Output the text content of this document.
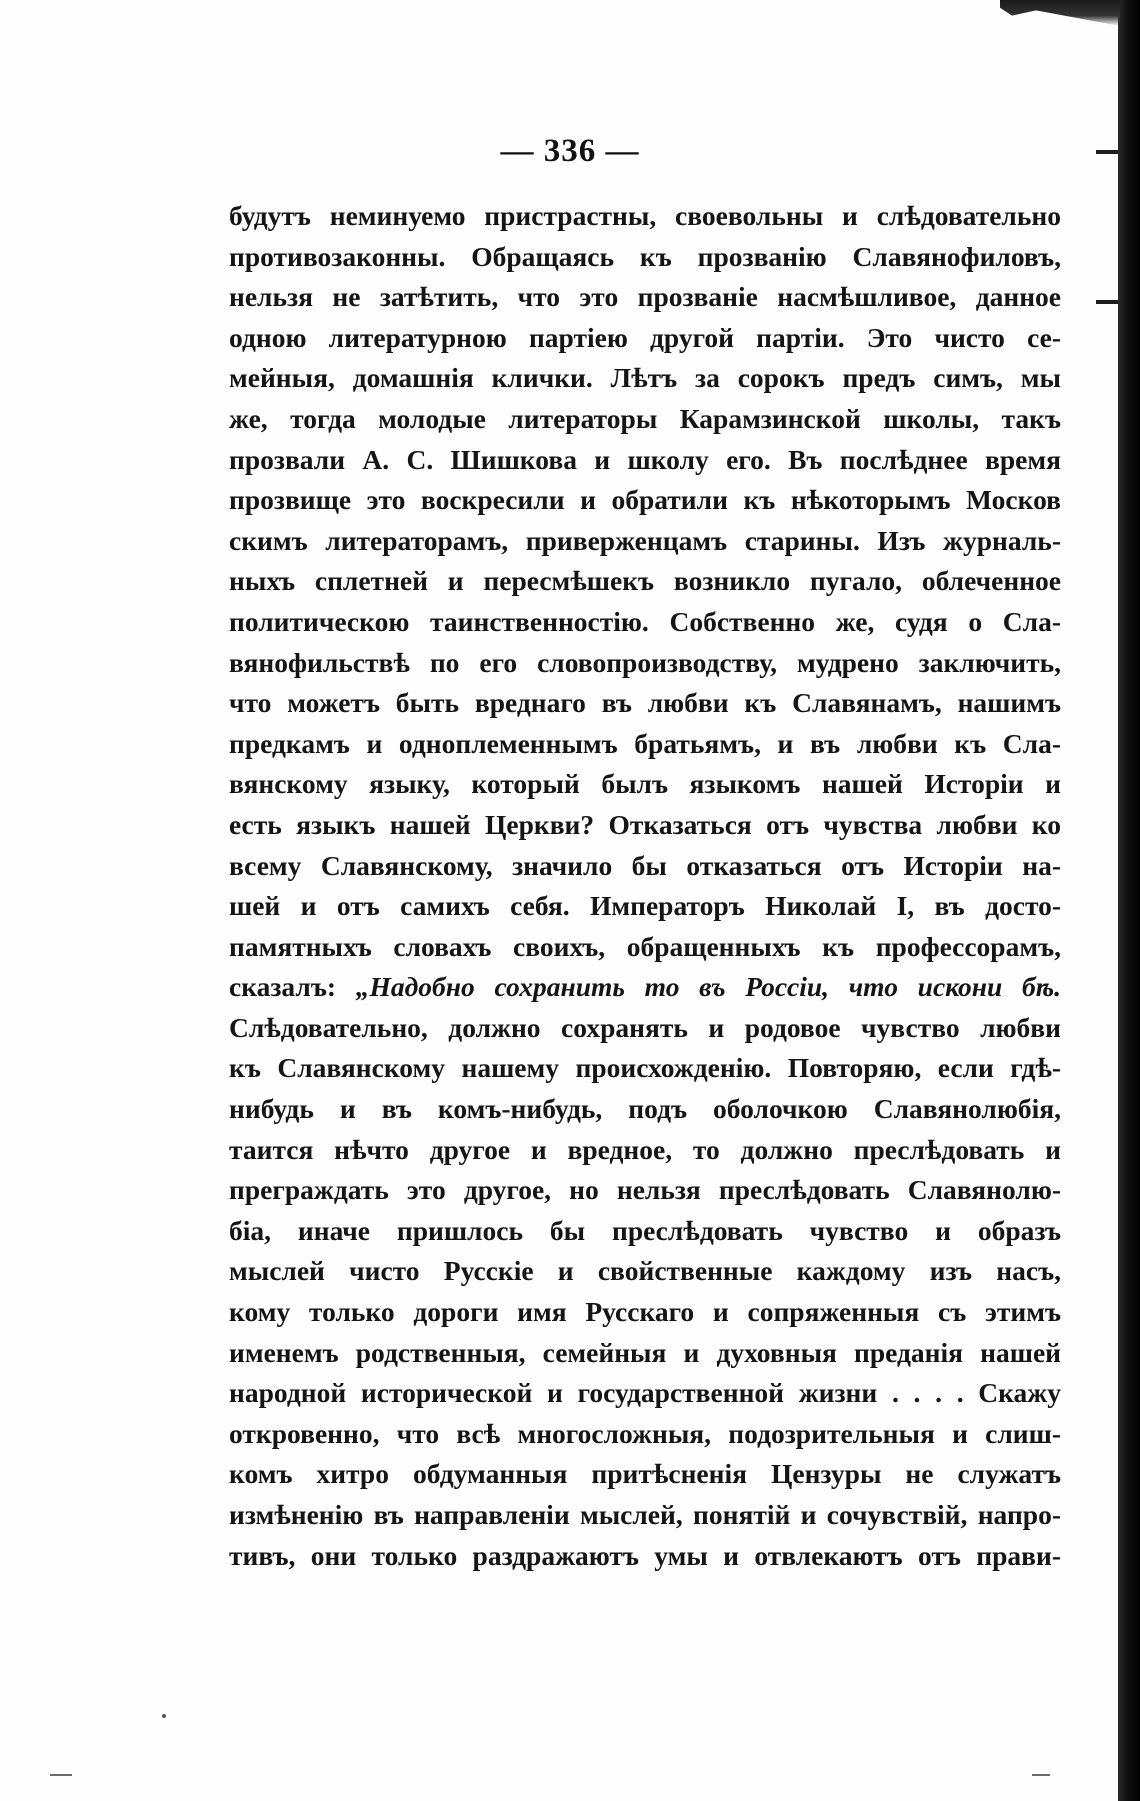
— 336 —
будутъ неминуемо пристрастны, своевольны и слѣдовательно
противозаконны. Обращаясь къ прозванію Славянофиловъ,
нельзя не затѣтить, что это прозваніе насмѣшливое, данное
одною литературною партіею другой партіи. Это чисто се-
мейныя, домашнія клички. Лѣтъ за сорокъ предъ симъ, мы
же, тогда молодые литераторы Карамзинской школы, такъ
прозвали А. С. Шишкова и школу его. Въ послѣднее время
прозвище это воскресили и обратили къ нѣкоторымъ Москов
скимъ литераторамъ, приверженцамъ старины. Изъ журналь-
ныхъ сплетней и пересмѣшекъ возникло пугало, облеченное
политическою таинственностію. Собственно же, судя о Сла-
вянофильствѣ по его словопроизводству, мудрено заключить,
что можетъ быть вреднаго въ любви къ Славянамъ, нашимъ
предкамъ и одноплеменнымъ братьямъ, и въ любви къ Сла-
вянскому языку, который былъ языкомъ нашей Исторіи и
есть языкъ нашей Церкви? Отказаться отъ чувства любви ко
всему Славянскому, значило бы отказаться отъ Исторіи на-
шей и отъ самихъ себя. Императоръ Николай I, въ досто-
памятныхъ словахъ своихъ, обращенныхъ къ профессорамъ,
сказалъ: „Надобно сохранить то въ Россіи, что искони бѣ.
Слѣдовательно, должно сохранять и родовое чувство любви
къ Славянскому нашему происхожденію. Повторяю, если гдѣ-
нибудь и въ комъ-нибудь, подъ оболочкою Славянолюбія,
таится нѣчто другое и вредное, то должно преслѣдовать и
преграждать это другое, но нельзя преслѣдовать Славянолю-
біа, иначе пришлось бы преслѣдовать чувство и образъ
мыслей чисто Русскіе и свойственные каждому изъ насъ,
кому только дороги имя Русскаго и сопряженныя съ этимъ
именемъ родственныя, семейныя и духовныя преданія нашей
народной исторической и государственной жизни . . . . Скажу
откровенно, что всѣ многосложныя, подозрительныя и слиш-
комъ хитро обдуманныя притѣсненія Цензуры не служатъ
измѣненію въ направленіи мыслей, понятій и сочувствій, напро-
тивъ, они только раздражаютъ умы и отвлекаютъ отъ прави-
